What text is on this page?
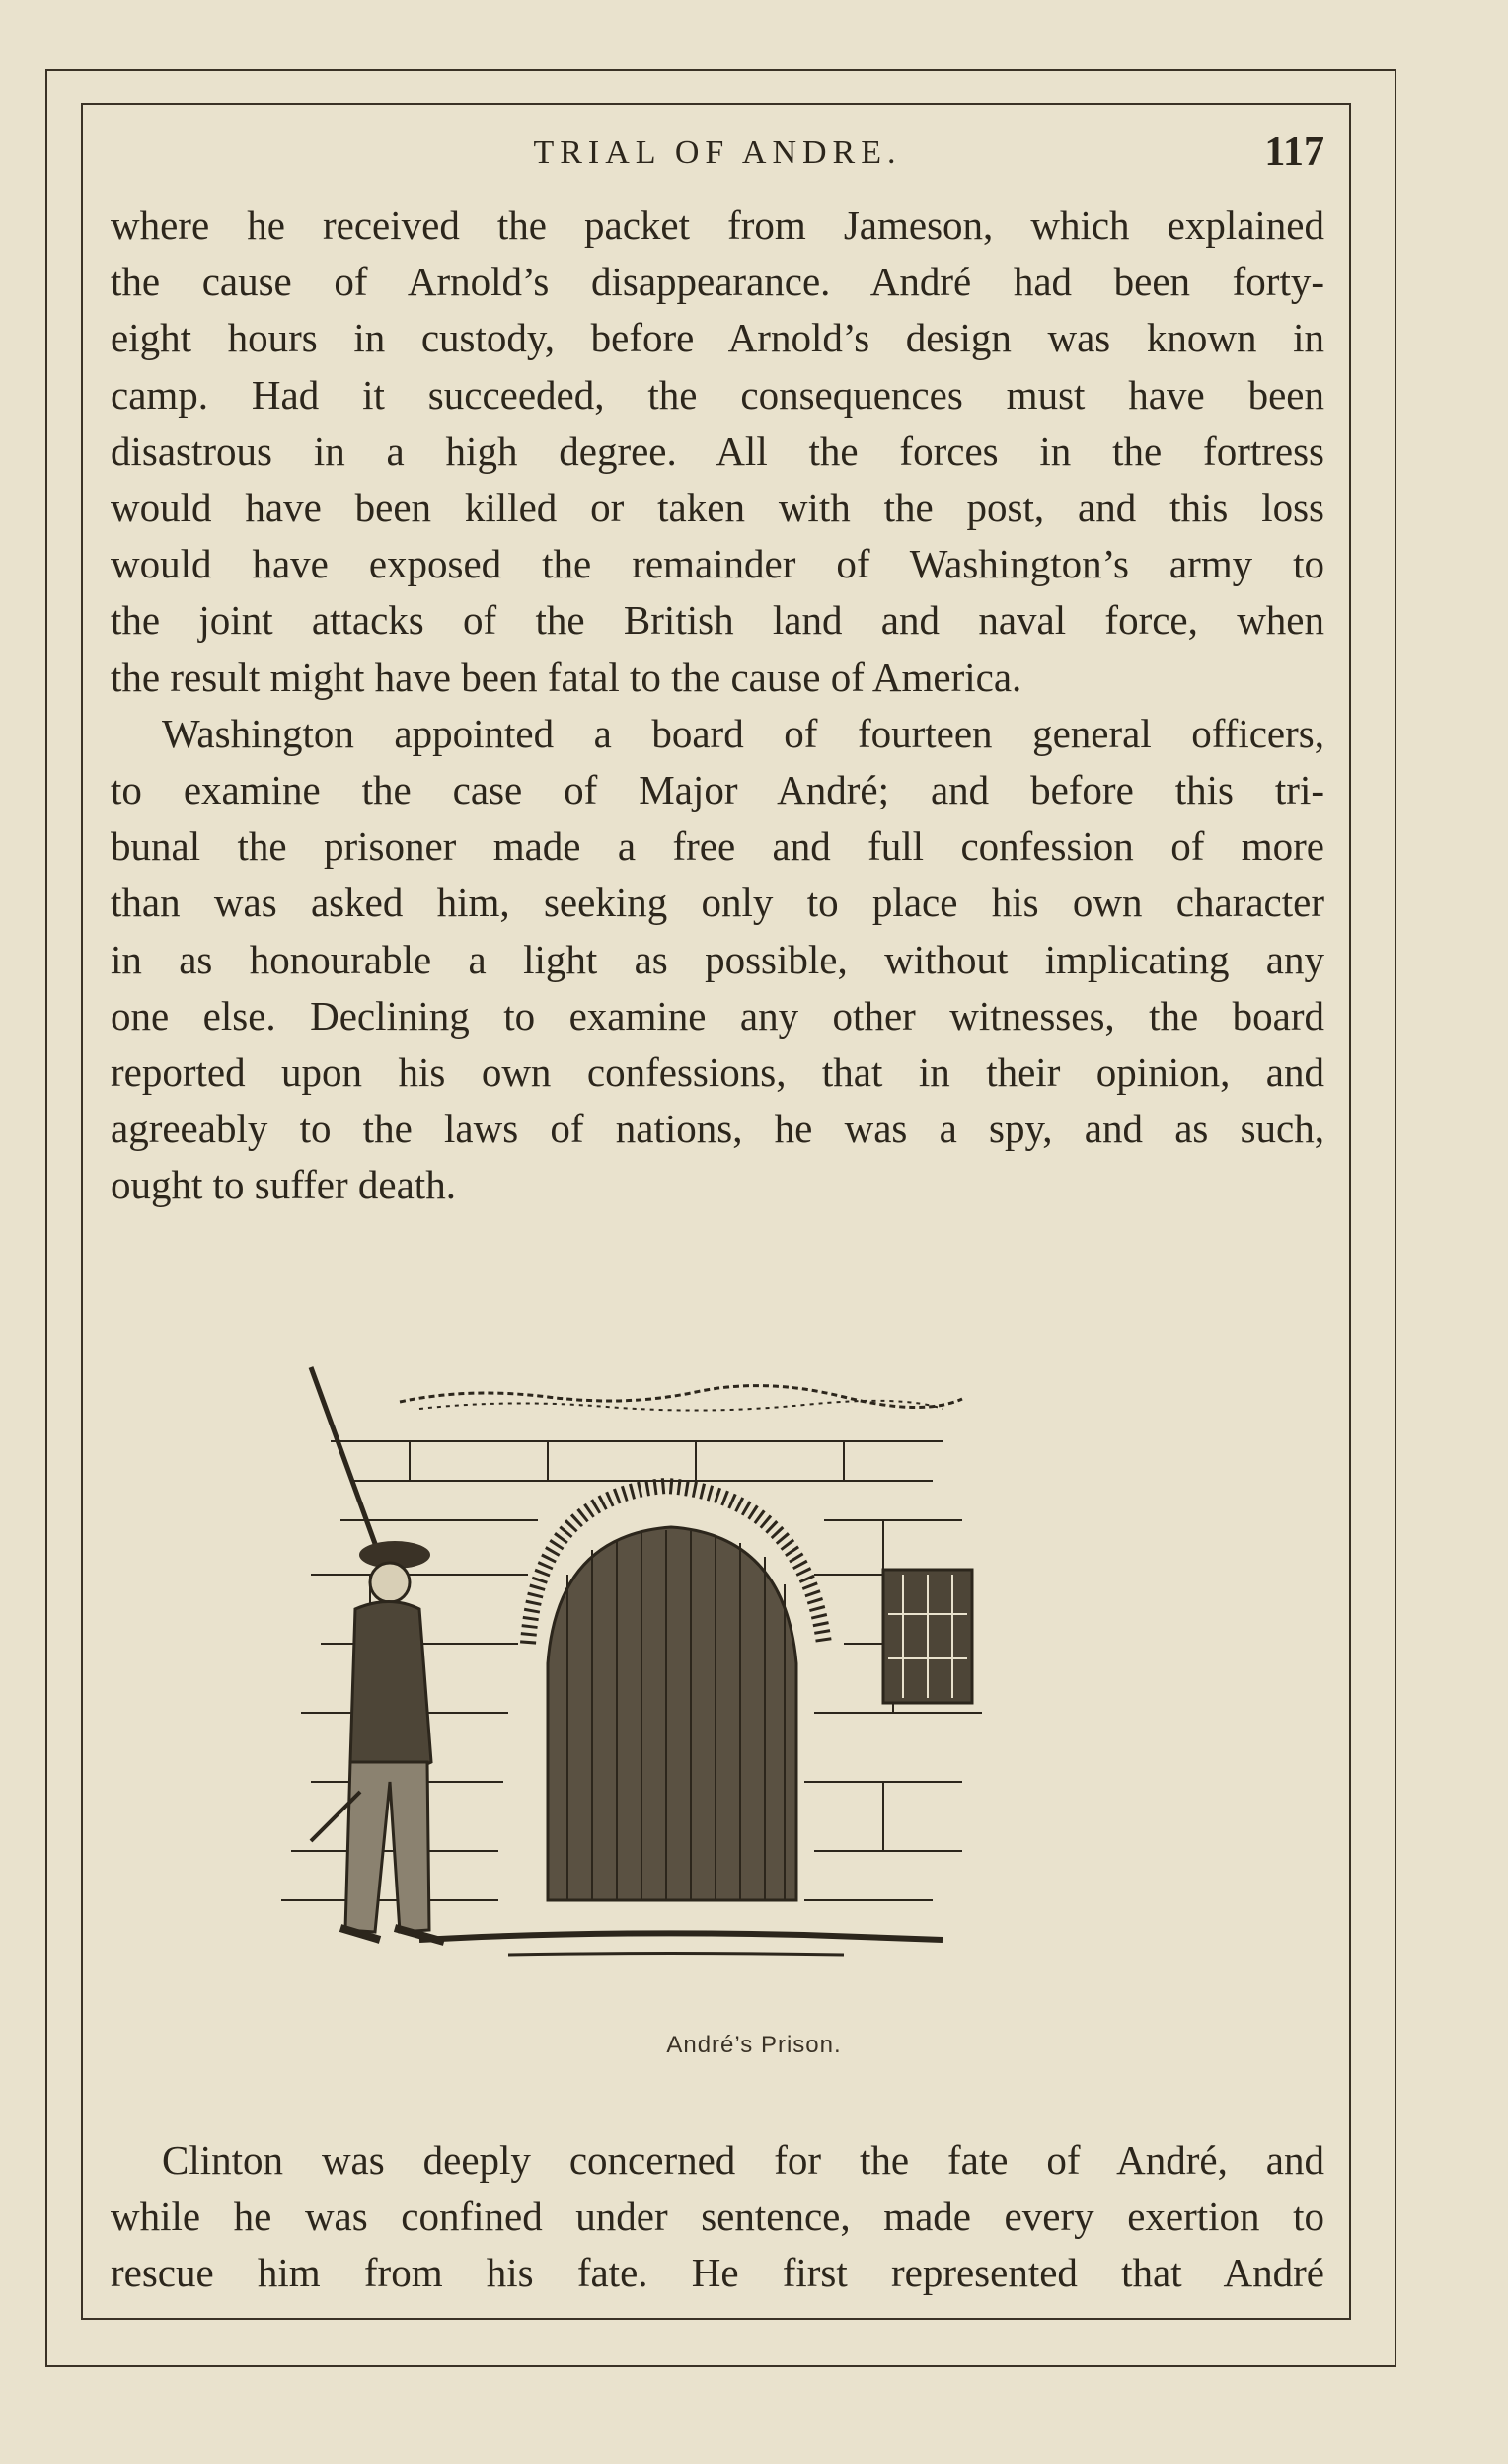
TRIAL OF ANDRE.	117
where he received the packet from Jameson, which explained
the cause of Arnold’s disappearance. André had been forty-
eight hours in custody, before Arnold’s design was known in
camp. Had it succeeded, the consequences must have been
disastrous in a high degree. All the forces in the fortress
would have been killed or taken with the post, and this loss
would have exposed the remainder of Washington’s army to
the joint attacks of the British land and naval force, when
the result might have been fatal to the cause of America.
Washington appointed a board of fourteen general officers,
to examine the case of Major André; and before this tri-
bunal the prisoner made a free and full confession of more
than was asked him, seeking only to place his own character
in as honourable a light as possible, without implicating any
one else. Declining to examine any other witnesses, the board
reported upon his own confessions, that in their opinion, and
agreeably to the laws of nations, he was a spy, and as such,
ought to suffer death.
André’s Prison.
Clinton was deeply concerned for the fate of André, and
while he was confined under sentence, made every exertion to
rescue him from his fate. He first represented that André
